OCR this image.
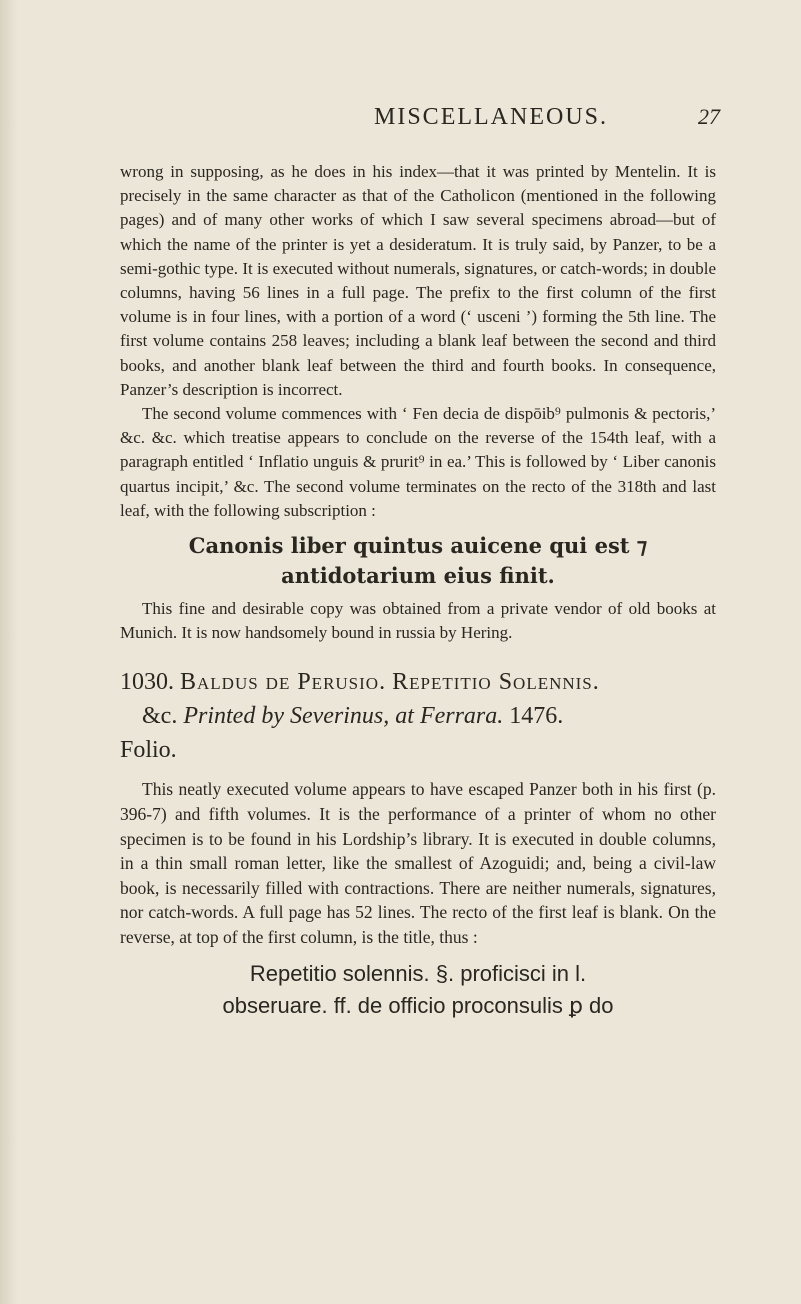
MISCELLANEOUS.	27

wrong in supposing, as he does in his index—that it was printed by Mentelin. It is precisely in the same character as that of the Catholicon (mentioned in the following pages) and of many other works of which I saw several specimens abroad—but of which the name of the printer is yet a desideratum. It is truly said, by Panzer, to be a semi-gothic type. It is executed without numerals, signatures, or catch-words; in double columns, having 56 lines in a full page. The prefix to the first column of the first volume is in four lines, with a portion of a word (‘ usceni ’) forming the 5th line. The first volume contains 258 leaves; including a blank leaf between the second and third books, and another blank leaf between the third and fourth books. In consequence, Panzer’s description is incorrect.

The second volume commences with ‘ Fen decia de dispōib⁹ pulmonis & pectoris,’ &c. &c. which treatise appears to conclude on the reverse of the 154th leaf, with a paragraph entitled ‘ Inflatio unguis & prurit⁹ in ea.’ This is followed by ‘ Liber canonis quartus incipit,’ &c. The second volume terminates on the recto of the 318th and last leaf, with the following subscription :

Canonis liber quintus auicene qui est ⁊
antidotarium eius finit.

This fine and desirable copy was obtained from a private vendor of old books at Munich. It is now handsomely bound in russia by Hering.

1030. Baldus de Perusio. Repetitio Solennis.
&c. Printed by Severinus, at Ferrara. 1476.
Folio.

This neatly executed volume appears to have escaped Panzer both in his first (p. 396-7) and fifth volumes. It is the performance of a printer of whom no other specimen is to be found in his Lordship’s library. It is executed in double columns, in a thin small roman letter, like the smallest of Azoguidi; and, being a civil-law book, is necessarily filled with contractions. There are neither numerals, signatures, nor catch-words. A full page has 52 lines. The recto of the first leaf is blank. On the reverse, at top of the first column, is the title, thus :

Repetitio solennis. §. proficisci in l.
obseruare. ff. de officio proconsulis ꝑ do
